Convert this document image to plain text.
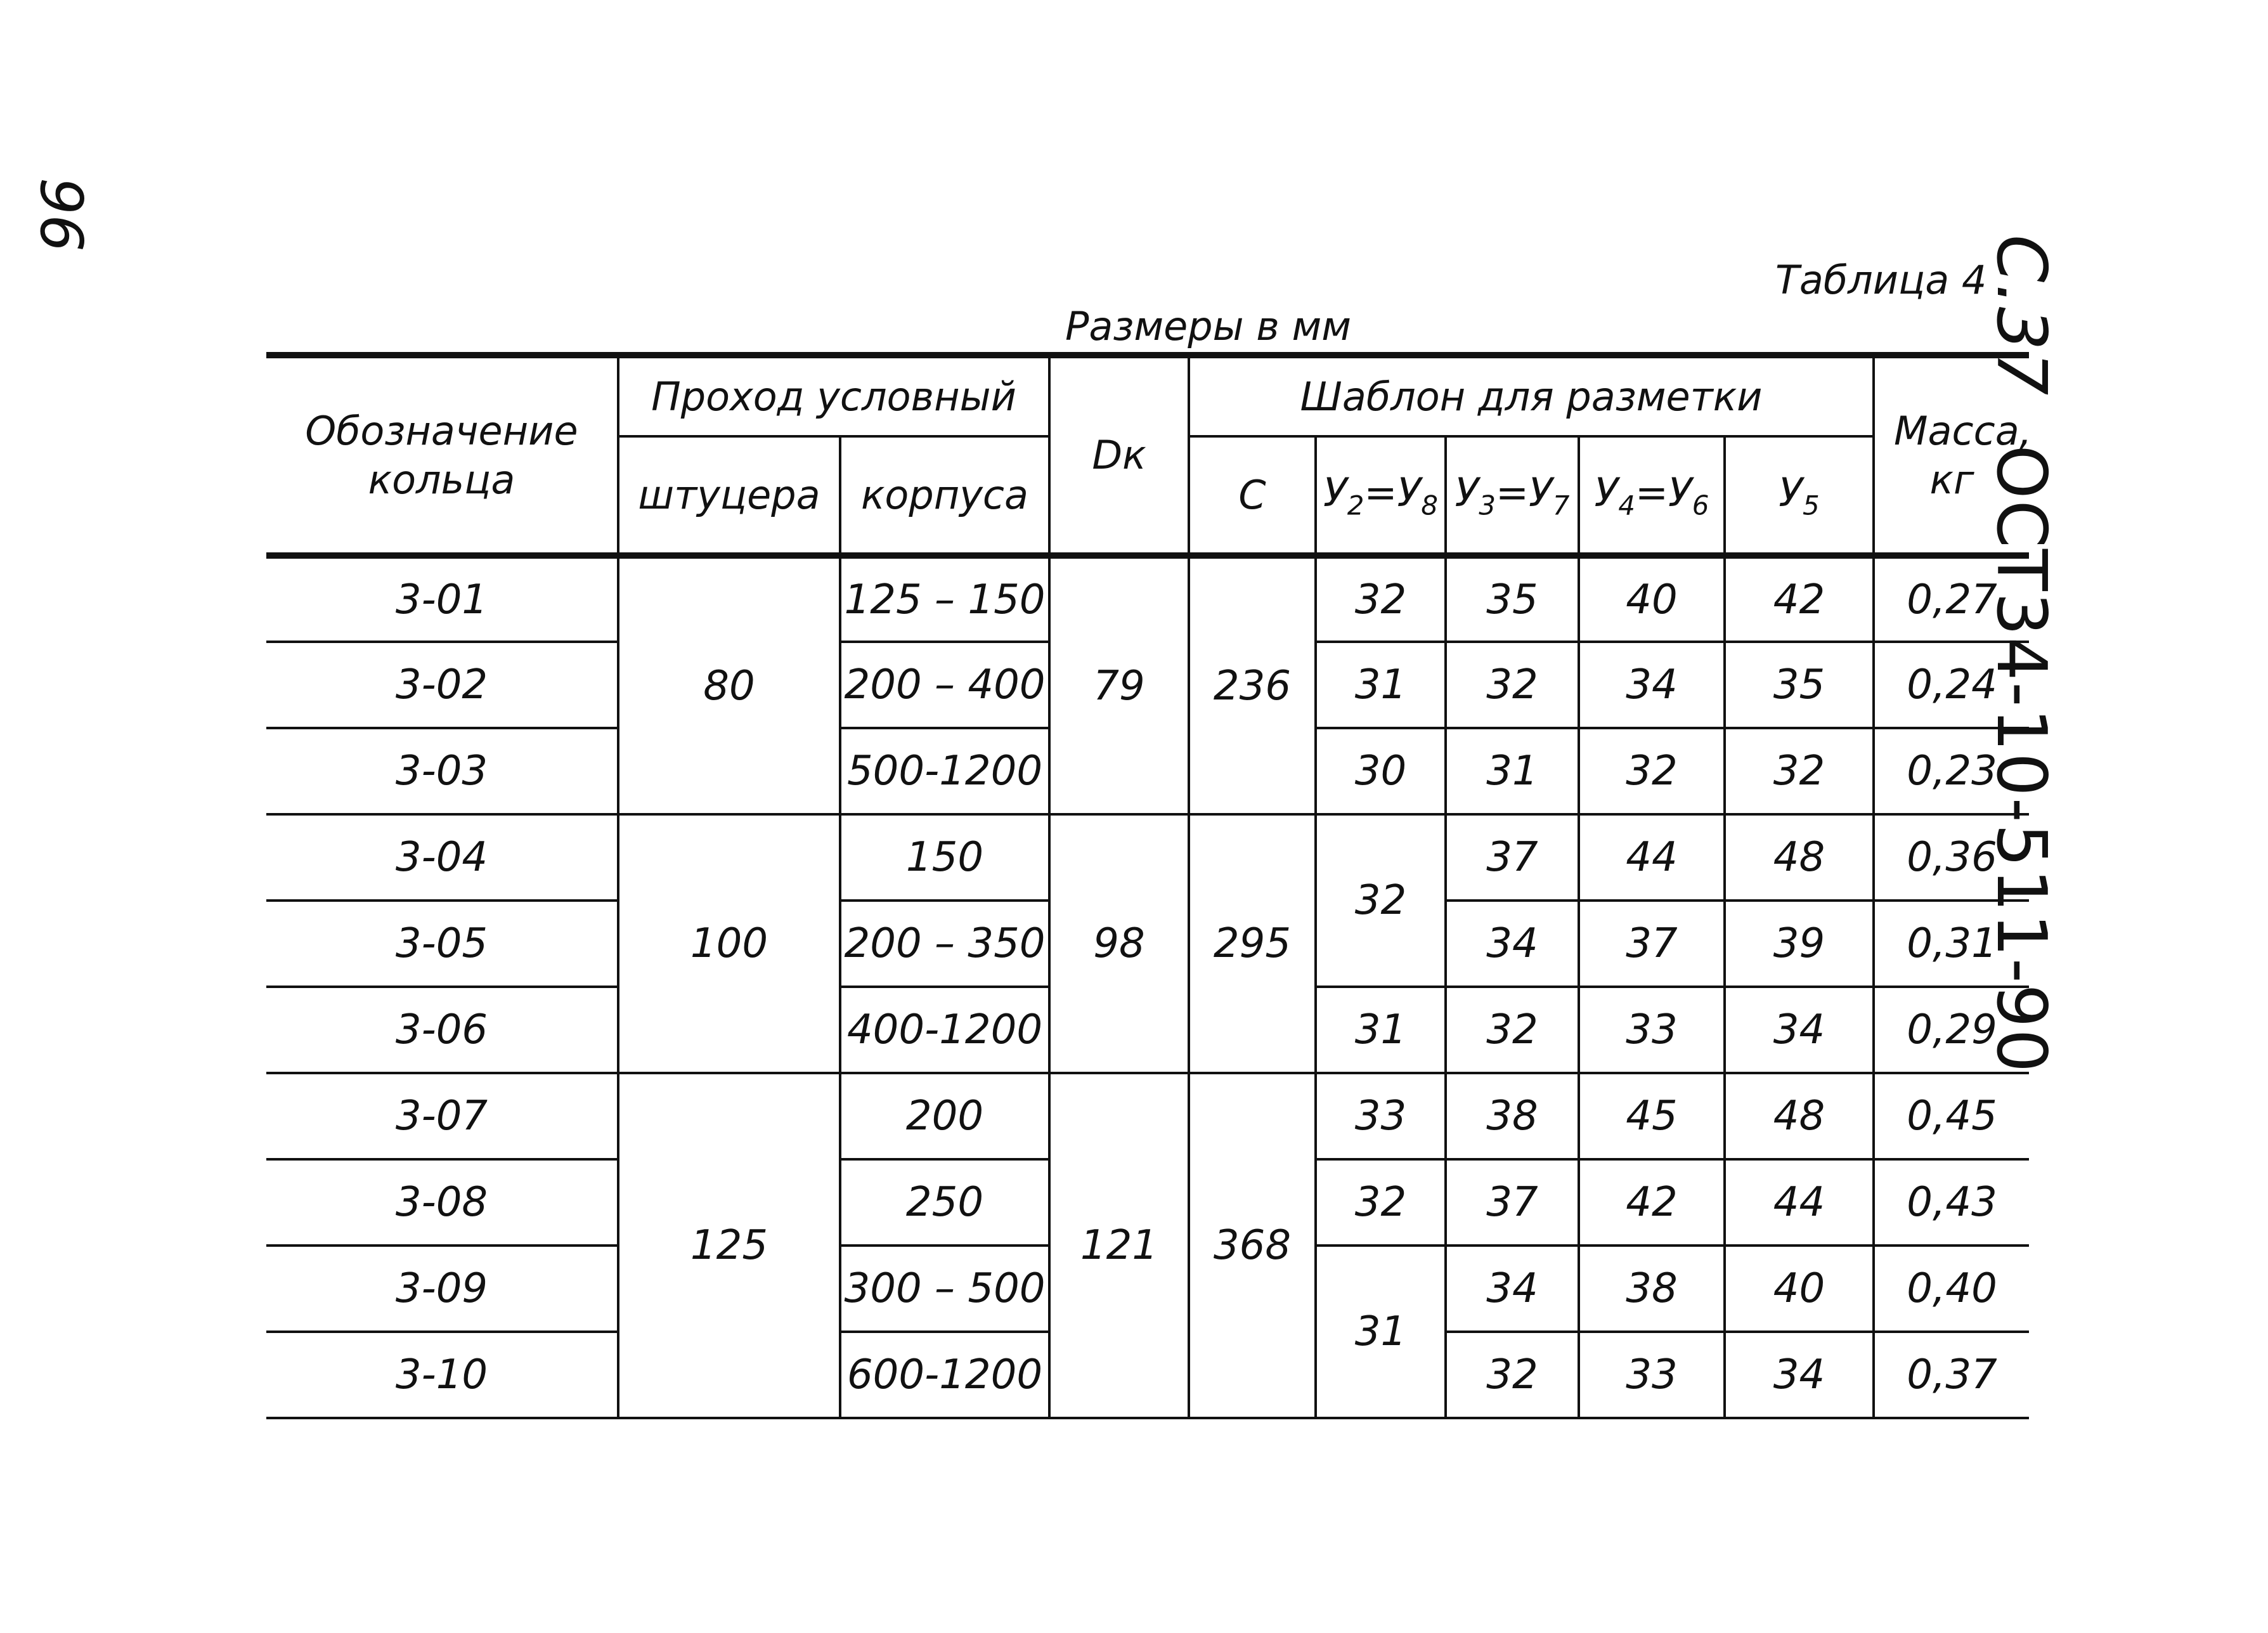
96
С.37 ОСТ34-10-511-90
Таблица 4
Размеры в мм
Обозначение кольца	Проход условный		Dк	Шаблон для разметки					Масса, кг
	штуцера	корпуса		С	$У_2=У_8$	$У_3=У_7$	$У_4=У_6$	$У_5$
3-01	80	125 – 150	79	236	32	35	40	42	0,27
3-02		200 – 400			31	32	34	35	0,24
3-03		500-1200			30	31	32	32	0,23
3-04	100	150	98	295	32	37	44	48	0,36
3-05		200 – 350				34	37	39	0,31
3-06		400-1200			31	32	33	34	0,29
3-07	125	200	121	368	33	38	45	48	0,45
3-08		250			32	37	42	44	0,43
3-09		300 – 500			31	34	38	40	0,40
3-10		600-1200				32	33	34	0,37
